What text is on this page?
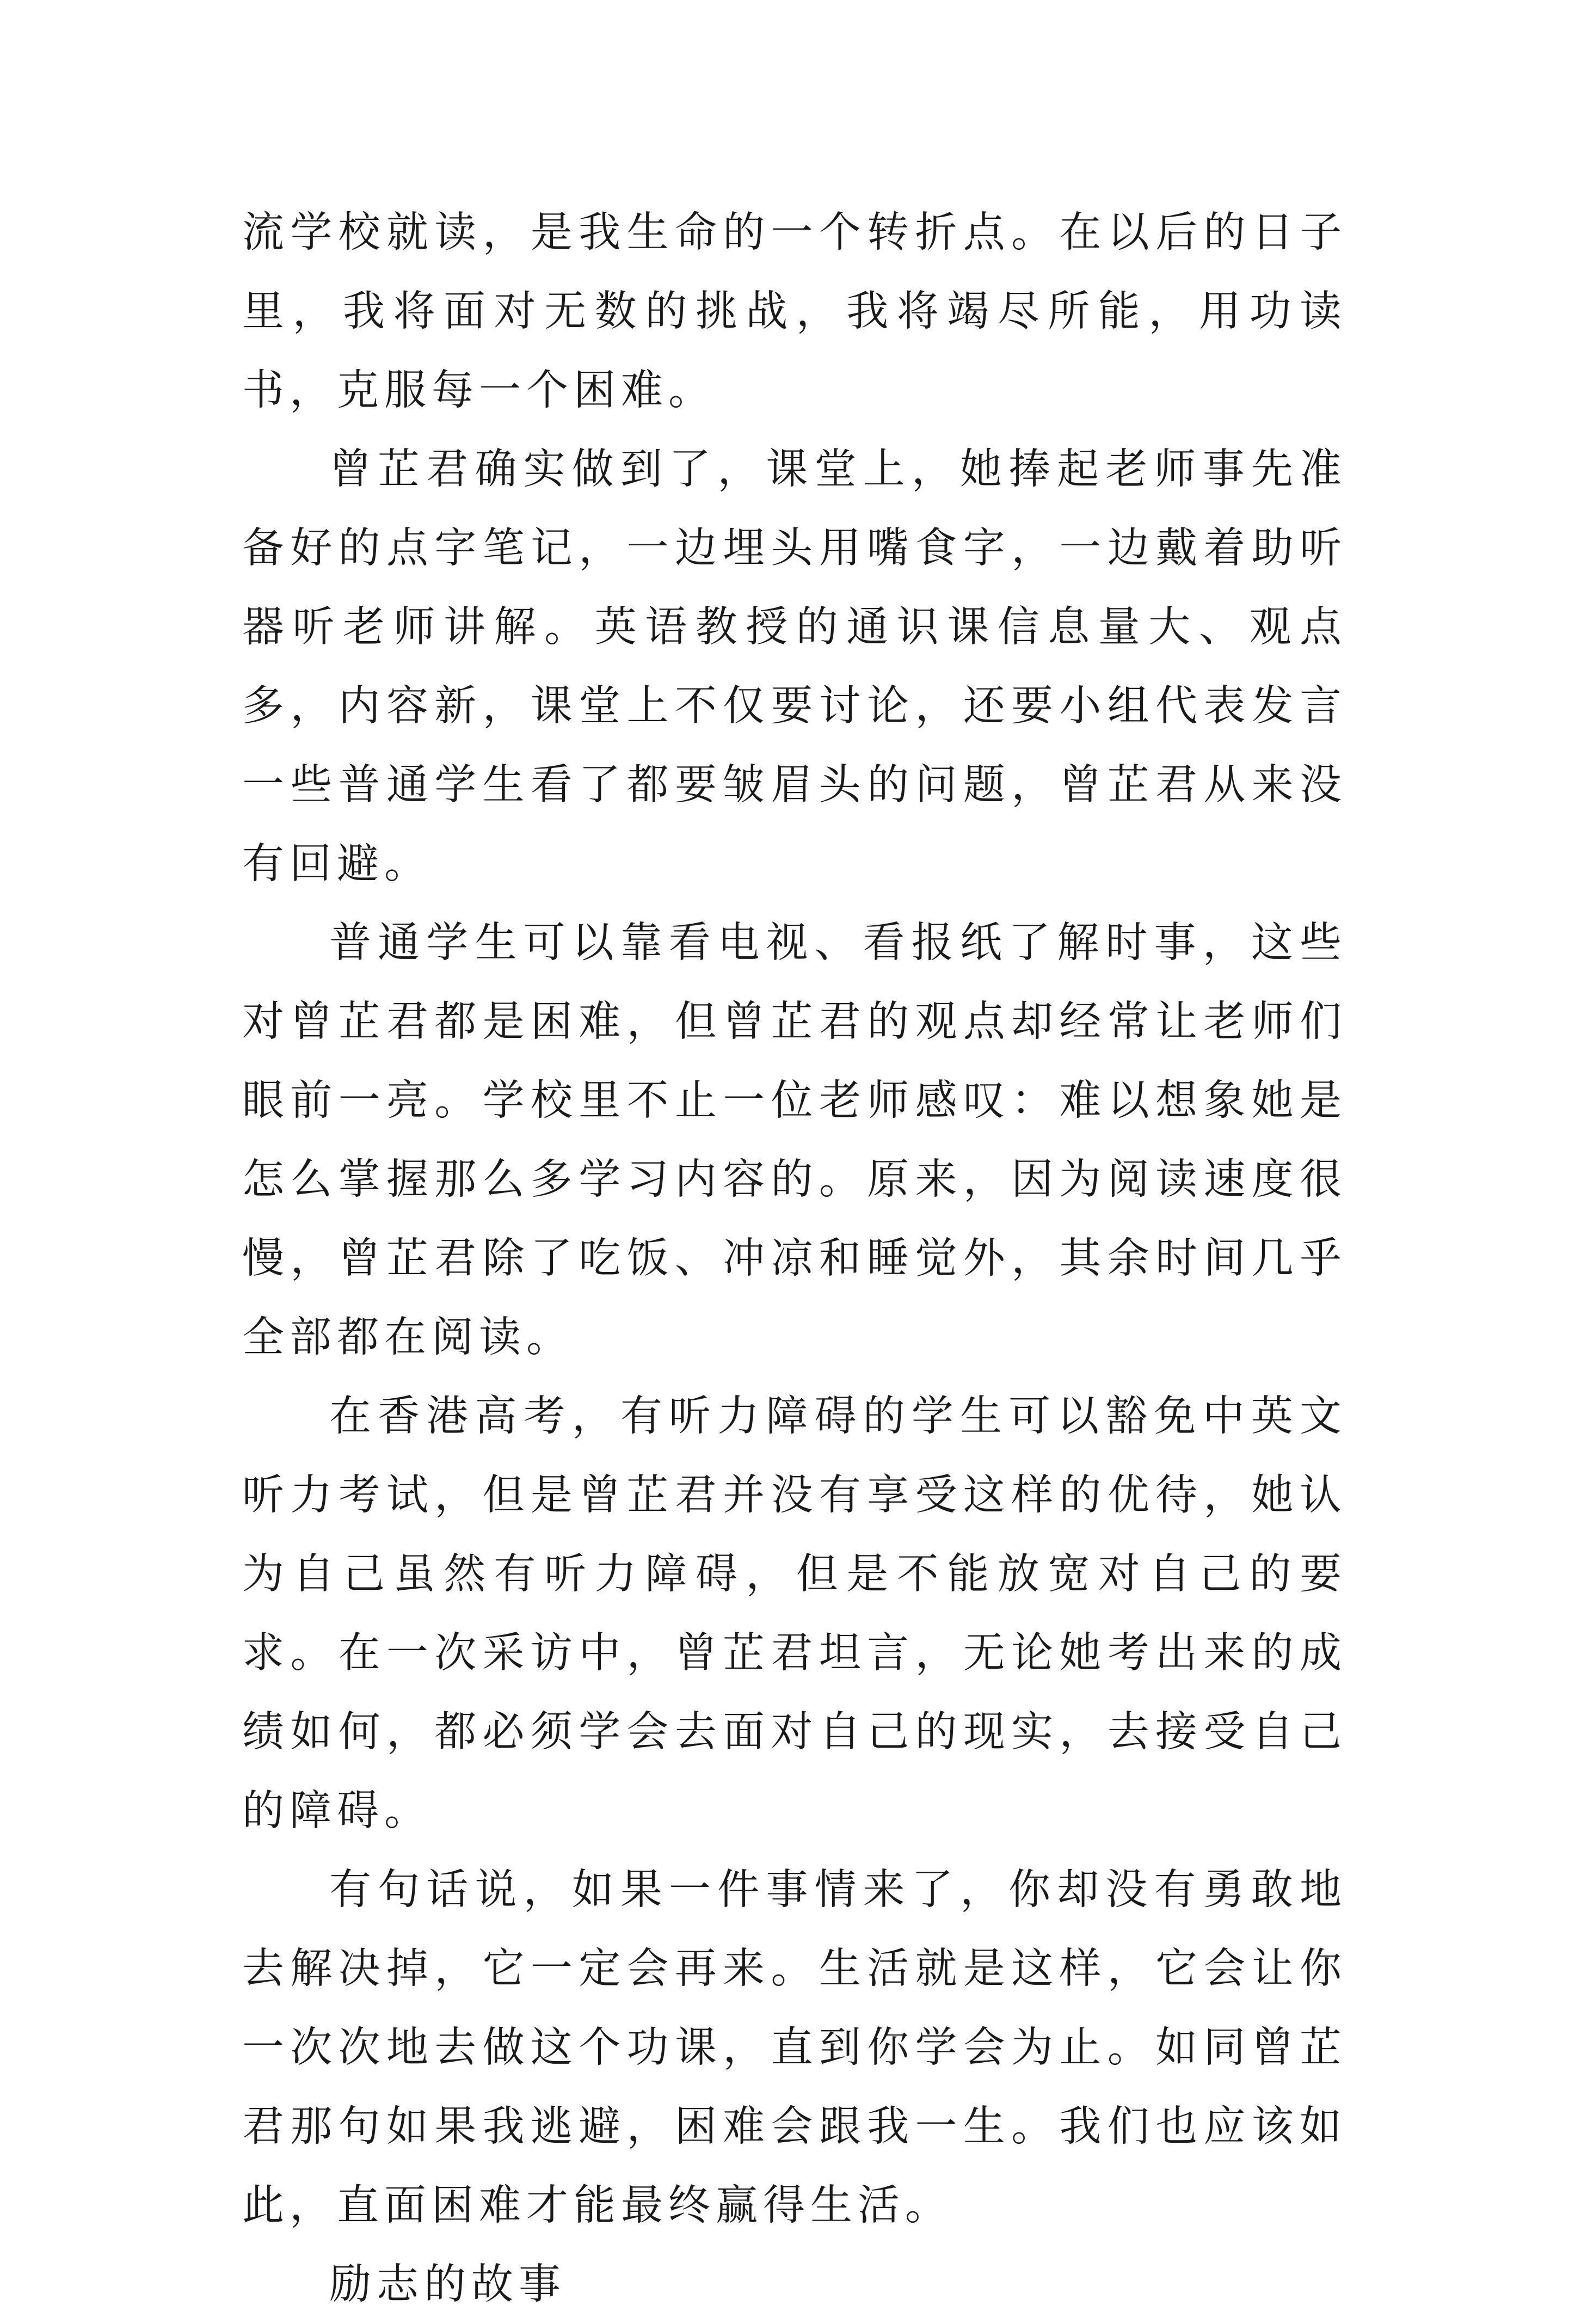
流学校就读，是我生命的一个转折点。在以后的日子里，我将面对无数的挑战，我将竭尽所能，用功读书，克服每一个困难。

曾芷君确实做到了，课堂上，她捧起老师事先准备好的点字笔记，一边埋头用嘴食字，一边戴着助听器听老师讲解。英语教授的通识课信息量大、观点多，内容新，课堂上不仅要讨论，还要小组代表发言一些普通学生看了都要皱眉头的问题，曾芷君从来没有回避。

普通学生可以靠看电视、看报纸了解时事，这些对曾芷君都是困难，但曾芷君的观点却经常让老师们眼前一亮。学校里不止一位老师感叹：难以想象她是怎么掌握那么多学习内容的。原来，因为阅读速度很慢，曾芷君除了吃饭、冲凉和睡觉外，其余时间几乎全部都在阅读。

在香港高考，有听力障碍的学生可以豁免中英文听力考试，但是曾芷君并没有享受这样的优待，她认为自己虽然有听力障碍，但是不能放宽对自己的要求。在一次采访中，曾芷君坦言，无论她考出来的成绩如何，都必须学会去面对自己的现实，去接受自己的障碍。

有句话说，如果一件事情来了，你却没有勇敢地去解决掉，它一定会再来。生活就是这样，它会让你一次次地去做这个功课，直到你学会为止。如同曾芷君那句如果我逃避，困难会跟我一生。我们也应该如此，直面困难才能最终赢得生活。

励志的故事
